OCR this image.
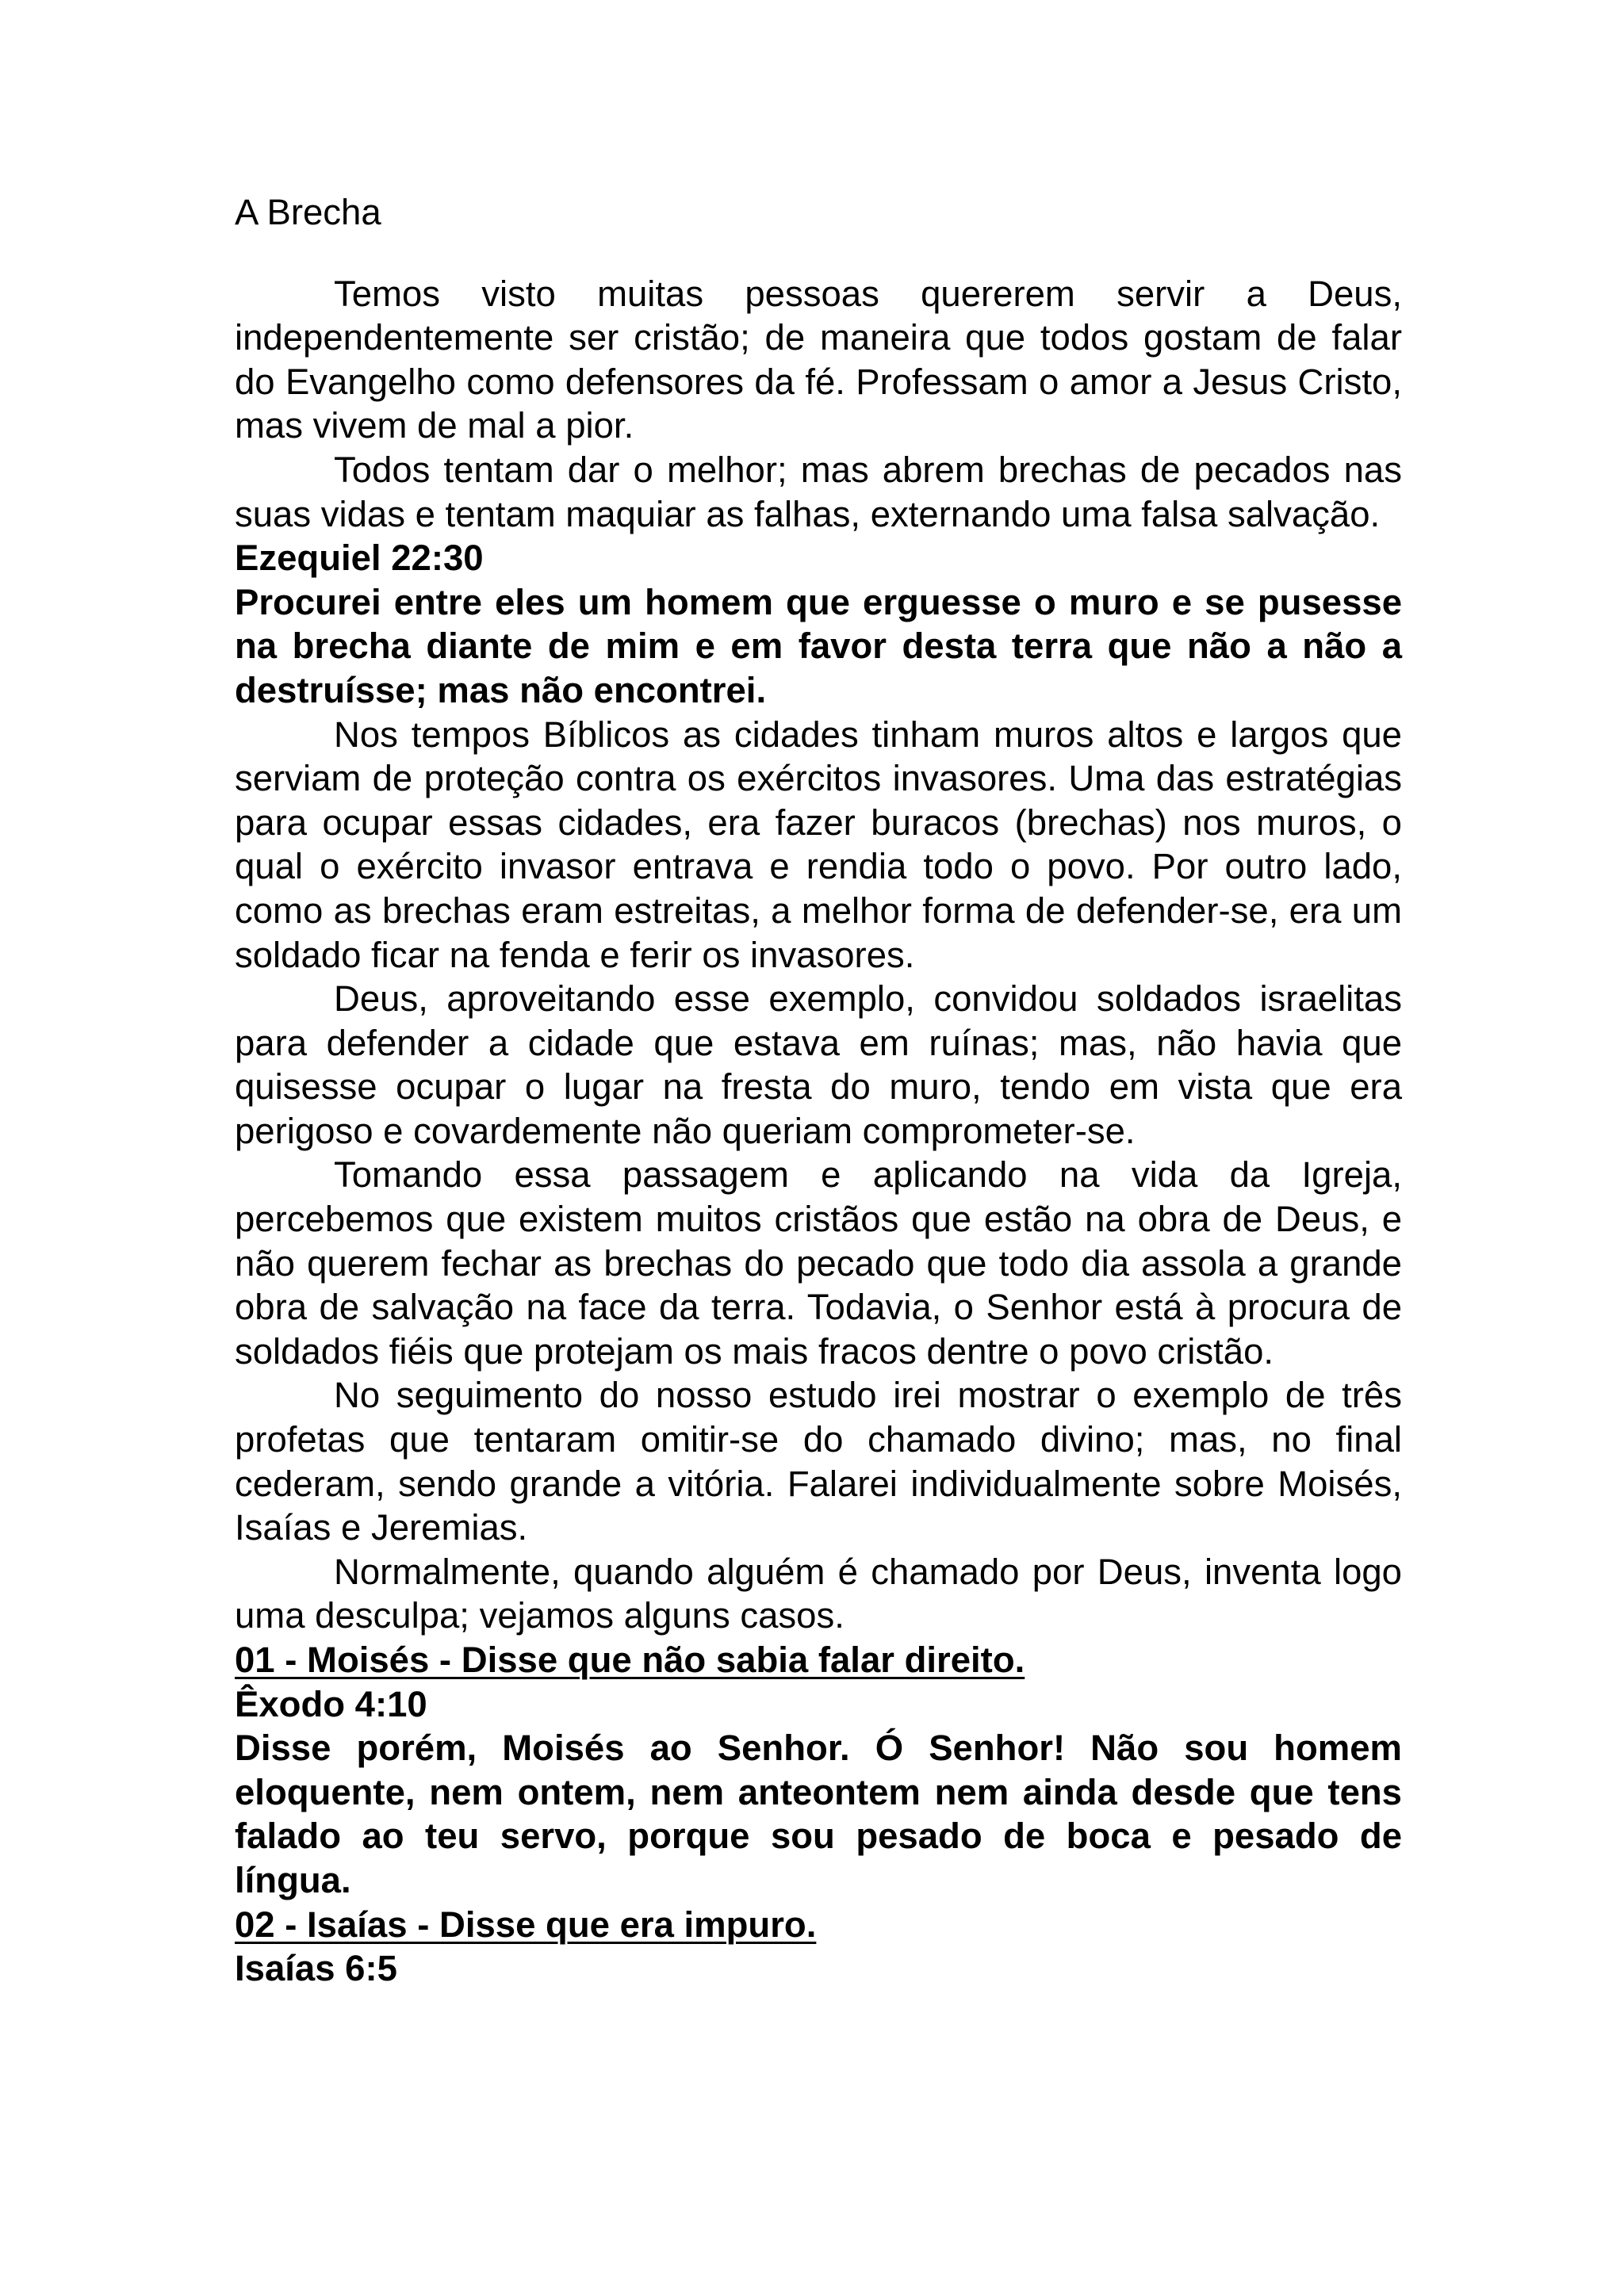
A Brecha

Temos visto muitas pessoas quererem servir a Deus, independentemente ser cristão; de maneira que todos gostam de falar do Evangelho como defensores da fé. Professam o amor a Jesus Cristo, mas vivem de mal a pior.

Todos tentam dar o melhor; mas abrem brechas de pecados nas suas vidas e tentam maquiar as falhas, externando uma falsa salvação.

Ezequiel 22:30

Procurei entre eles um homem que erguesse o muro e se pusesse na brecha diante de mim e em favor desta terra que não a não a destruísse; mas não encontrei.

Nos tempos Bíblicos as cidades tinham muros altos e largos que serviam de proteção contra os exércitos invasores. Uma das estratégias para ocupar essas cidades, era fazer buracos (brechas) nos muros, o qual o exército invasor entrava e rendia todo o povo. Por outro lado, como as brechas eram estreitas, a melhor forma de defender-se, era um soldado ficar na fenda e ferir os invasores.

Deus, aproveitando esse exemplo, convidou soldados israelitas para defender a cidade que estava em ruínas; mas, não havia que quisesse ocupar o lugar na fresta do muro, tendo em vista que era perigoso e covardemente não queriam comprometer-se.

Tomando essa passagem e aplicando na vida da Igreja, percebemos que existem muitos cristãos que estão na obra de Deus, e não querem fechar as brechas do pecado que todo dia assola a grande obra de salvação na face da terra. Todavia, o Senhor está à procura de soldados fiéis que protejam os mais fracos dentre o povo cristão.

No seguimento do nosso estudo irei mostrar o exemplo de três profetas que tentaram omitir-se do chamado divino; mas, no final cederam, sendo grande a vitória. Falarei individualmente sobre Moisés, Isaías e Jeremias.

Normalmente, quando alguém é chamado por Deus, inventa logo uma desculpa; vejamos alguns casos.

01 - Moisés - Disse que não sabia falar direito.

Êxodo 4:10

Disse porém, Moisés ao Senhor. Ó Senhor! Não sou homem eloquente, nem ontem, nem anteontem nem ainda desde que tens falado ao teu servo, porque sou pesado de boca e pesado de língua.

02 - Isaías - Disse que era impuro.

Isaías 6:5
